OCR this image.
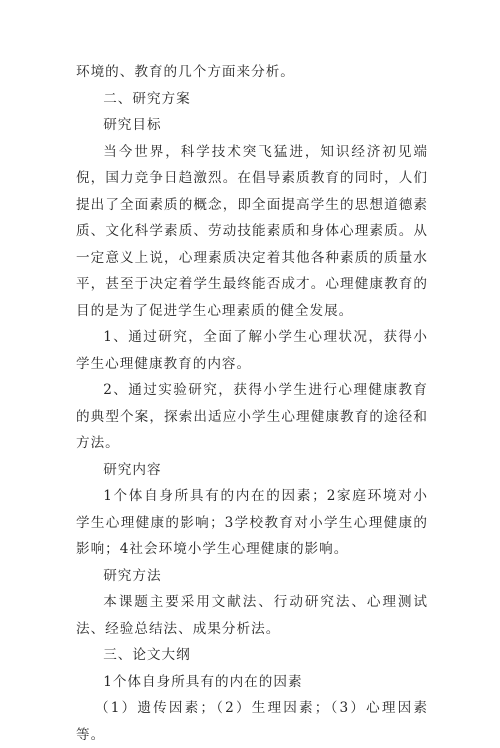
环境的、教育的几个方面来分析。

二、研究方案

研究目标

当今世界，科学技术突飞猛进，知识经济初见端倪，国力竞争日趋激烈。在倡导素质教育的同时，人们提出了全面素质的概念，即全面提高学生的思想道德素质、文化科学素质、劳动技能素质和身体心理素质。从一定意义上说，心理素质决定着其他各种素质的质量水平，甚至于决定着学生最终能否成才。心理健康教育的目的是为了促进学生心理素质的健全发展。

1、通过研究，全面了解小学生心理状况，获得小学生心理健康教育的内容。

2、通过实验研究，获得小学生进行心理健康教育的典型个案，探索出适应小学生心理健康教育的途径和方法。

研究内容

1个体自身所具有的内在的因素；2家庭环境对小学生心理健康的影响；3学校教育对小学生心理健康的影响；4社会环境小学生心理健康的影响。

研究方法

本课题主要采用文献法、行动研究法、心理测试法、经验总结法、成果分析法。

三、论文大纲

1个体自身所具有的内在的因素

（1）遗传因素；（2）生理因素；（3）心理因素等。
